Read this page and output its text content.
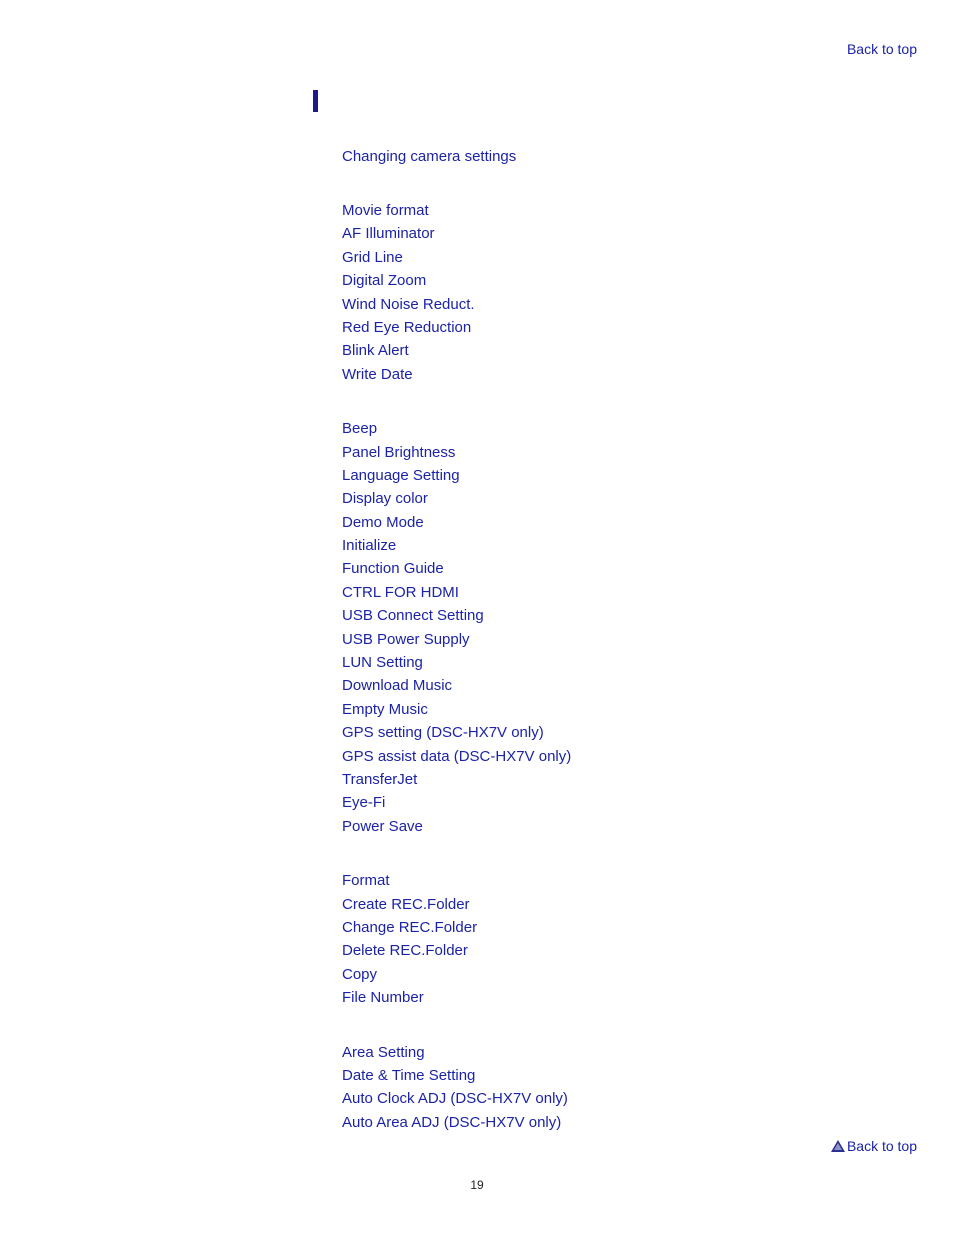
Back to top
Changing camera settings
Movie format
AF Illuminator
Grid Line
Digital Zoom
Wind Noise Reduct.
Red Eye Reduction
Blink Alert
Write Date
Beep
Panel Brightness
Language Setting
Display color
Demo Mode
Initialize
Function Guide
CTRL FOR HDMI
USB Connect Setting
USB Power Supply
LUN Setting
Download Music
Empty Music
GPS setting (DSC-HX7V only)
GPS assist data (DSC-HX7V only)
TransferJet
Eye-Fi
Power Save
Format
Create REC.Folder
Change REC.Folder
Delete REC.Folder
Copy
File Number
Area Setting
Date & Time Setting
Auto Clock ADJ (DSC-HX7V only)
Auto Area ADJ (DSC-HX7V only)
Back to top
19
